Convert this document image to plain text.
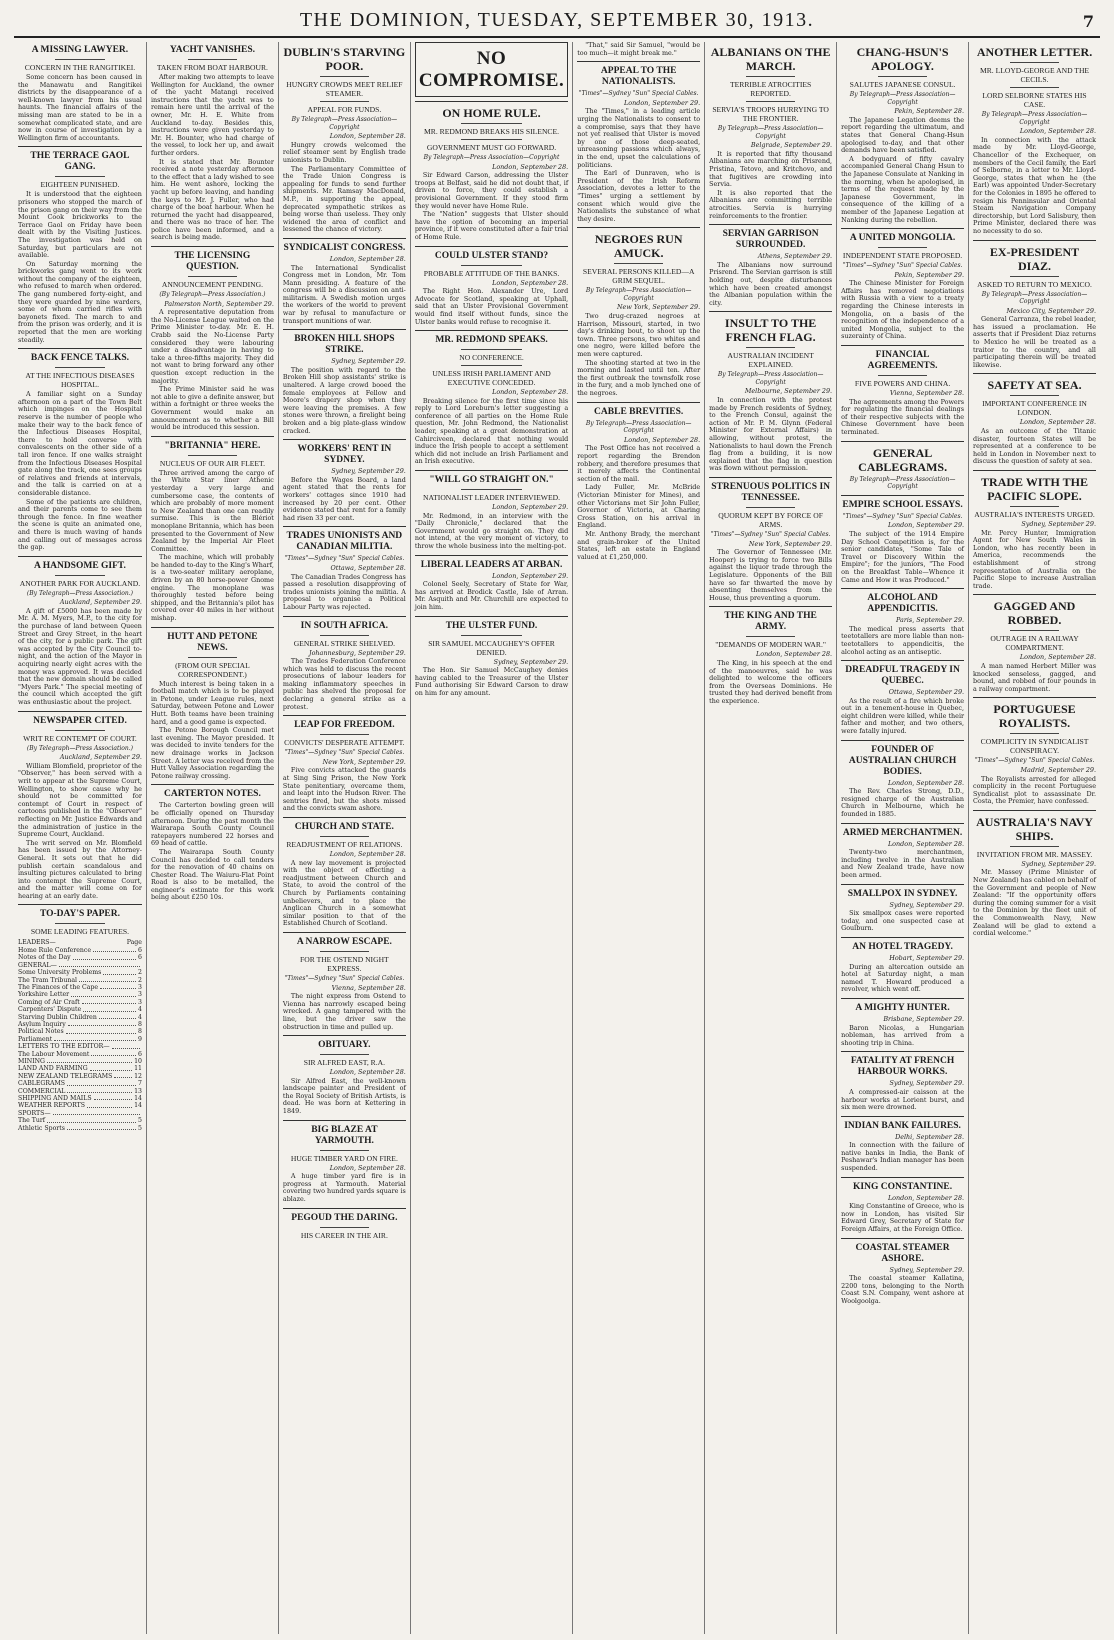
THE DOMINION, TUESDAY, SEPTEMBER 30, 1913.	7
A MISSING LAWYER.
CONCERN IN THE RANGITIKEI.

Some concern has been caused in the Manawatu and Rangitikei districts by the disappearance of a well-known lawyer from his usual haunts. The financial affairs of the missing man are stated to be in a somewhat complicated state, and are now in course of investigation by a Wellington firm of accountants.

THE TERRACE GAOL GANG.
EIGHTEEN PUNISHED.

It is understood that the eighteen prisoners who stopped the march of the prison gang on their way from the Mount Cook brickworks to the Terrace Gaol on Friday have been dealt with by the Visiting Justices. The investigation was held on Saturday, but particulars are not available.

On Saturday morning the brickworks gang went to its work without the company of the eighteen, who refused to march when ordered. The gang numbered forty-eight, and they were guarded by nine warders, some of whom carried rifles with bayonets fixed. The march to and from the prison was orderly, and it is reported that the men are working steadily.

BACK FENCE TALKS.
AT THE INFECTIOUS DISEASES HOSPITAL.

A familiar sight on a Sunday afternoon on a part of the Town Belt which impinges on the Hospital reserve is the number of people who make their way to the back fence of the Infectious Diseases Hospital, there to hold converse with convalescents on the other side of a tall iron fence. If one walks straight from the Infectious Diseases Hospital gate along the track, one sees groups of relatives and friends at intervals, and the talk is carried on at a considerable distance.

Some of the patients are children, and their parents come to see them through the fence. In fine weather the scene is quite an animated one, and there is much waving of hands and calling out of messages across the gap.

A HANDSOME GIFT.
ANOTHER PARK FOR AUCKLAND.
(By Telegraph—Press Association.)
Auckland, September 29.

A gift of £5000 has been made by Mr. A. M. Myers, M.P., to the city for the purchase of land between Queen Street and Grey Street, in the heart of the city, for a public park. The gift was accepted by the City Council to-night, and the action of the Mayor in acquiring nearly eight acres with the money was approved. It was decided that the new domain should be called "Myers Park." The special meeting of the council which accepted the gift was enthusiastic about the project.

NEWSPAPER CITED.
WRIT RE CONTEMPT OF COURT.
(By Telegraph—Press Association.)
Auckland, September 29.

William Blomfield, proprietor of the "Observer," has been served with a writ to appear at the Supreme Court, Wellington, to show cause why he should not be committed for contempt of Court in respect of cartoons published in the "Observer" reflecting on Mr. Justice Edwards and the administration of justice in the Supreme Court, Auckland.

The writ served on Mr. Blomfield has been issued by the Attorney-General. It sets out that he did publish certain scandalous and insulting pictures calculated to bring into contempt the Supreme Court, and the matter will come on for hearing at an early date.

TO-DAY'S PAPER.
SOME LEADING FEATURES.
LEADERS—	Page
Home Rule Conference	6
Notes of the Day	6
GENERAL—
Some University Problems	2
The Tram Tribunal	2
The Finances of the Cape	3
Yorkshire Letter	3
Coming of Air Craft	3
Carpenters' Dispute	4
Starving Dublin Children	4
Asylum Inquiry	8
Political Notes	8
Parliament	9
LETTERS TO THE EDITOR—
The Labour Movement	6
MINING	10
LAND AND FARMING	11
NEW ZEALAND TELEGRAMS	12
CABLEGRAMS	7
COMMERCIAL	13
SHIPPING AND MAILS	14
WEATHER REPORTS	14
SPORTS—
The Turf	5
Athletic Sports	5
YACHT VANISHES.
TAKEN FROM BOAT HARBOUR.

After making two attempts to leave Wellington for Auckland, the owner of the yacht Matangi received instructions that the yacht was to remain here until the arrival of the owner, Mr. H. E. White from Auckland to-day. Besides this, instructions were given yesterday to Mr. H. Bounter, who had charge of the vessel, to lock her up, and await further orders.

It is stated that Mr. Bounter received a note yesterday afternoon to the effect that a lady wished to see him. He went ashore, locking the yacht up before leaving, and handing the keys to Mr. J. Fuller, who had charge of the boat harbour. When he returned the yacht had disappeared, and there was no trace of her. The police have been informed, and a search is being made.

THE LICENSING QUESTION.
ANNOUNCEMENT PENDING.
(By Telegraph—Press Association.)
Palmerston North, September 29.

A representative deputation from the No-License League waited on the Prime Minister to-day. Mr. E. H. Crabb said the No-License Party considered they were labouring under a disadvantage in having to take a three-fifths majority. They did not want to bring forward any other question except reduction in the majority.

The Prime Minister said he was not able to give a definite answer, but within a fortnight or three weeks the Government would make an announcement as to whether a Bill would be introduced this session.

"BRITANNIA" HERE.
NUCLEUS OF OUR AIR FLEET.

Three arrived among the cargo of the White Star liner Athenic yesterday a very large and cumbersome case, the contents of which are probably of more moment to New Zealand than one can readily surmise. This is the Blériot monoplane Britannia, which has been presented to the Government of New Zealand by the Imperial Air Fleet Committee.

The machine, which will probably be handed to-day to the King's Wharf, is a two-seater military aeroplane, driven by an 80 horse-power Gnome engine. The monoplane was thoroughly tested before being shipped, and the Britannia's pilot has covered over 40 miles in her without mishap.

HUTT AND PETONE NEWS.
(FROM OUR SPECIAL CORRESPONDENT.)

Much interest is being taken in a football match which is to be played in Petone, under League rules, next Saturday, between Petone and Lower Hutt. Both teams have been training hard, and a good game is expected.

The Petone Borough Council met last evening. The Mayor presided. It was decided to invite tenders for the new drainage works in Jackson Street. A letter was received from the Hutt Valley Association regarding the Petone railway crossing.

CARTERTON NOTES.

The Carterton bowling green will be officially opened on Thursday afternoon. During the past month the Wairarapa South County Council ratepayers numbered 22 horses and 69 head of cattle.

The Wairarapa South County Council has decided to call tenders for the renovation of 40 chains on Chester Road. The Waiuru-Flat Point Road is also to be metalled, the engineer's estimate for this work being about £250 10s.

DUBLIN'S STARVING POOR.
HUNGRY CROWDS MEET RELIEF STEAMER.
APPEAL FOR FUNDS.
By Telegraph—Press Association—Copyright
London, September 28.

Hungry crowds welcomed the relief steamer sent by English trade unionists to Dublin.

The Parliamentary Committee of the Trade Union Congress is appealing for funds to send further shipments. Mr. Ramsay MacDonald, M.P., in supporting the appeal, deprecated sympathetic strikes as being worse than useless. They only widened the area of conflict and lessened the chance of victory.

SYNDICALIST CONGRESS.
London, September 28.

The International Syndicalist Congress met in London, Mr. Tom Mann presiding. A feature of the congress will be a discussion on anti-militarism. A Swedish motion urges the workers of the world to prevent war by refusal to manufacture or transport munitions of war.

BROKEN HILL SHOPS STRIKE.
Sydney, September 29.

The position with regard to the Broken Hill shop assistants' strike is unaltered. A large crowd booed the female employees at Fellow and Moore's drapery shop when they were leaving the premises. A few stones were thrown, a firelight being broken and a big plate-glass window cracked.

WORKERS' RENT IN SYDNEY.
Sydney, September 29.

Before the Wages Board, a land agent stated that the rents for workers' cottages since 1910 had increased by 20 per cent. Other evidence stated that rent for a family had risen 33 per cent.

TRADES UNIONISTS AND CANADIAN MILITIA.
"Times"—Sydney "Sun" Special Cables.
Ottawa, September 28.

The Canadian Trades Congress has passed a resolution disapproving of trades unionists joining the militia. A proposal to organise a Political Labour Party was rejected.

IN SOUTH AFRICA.
GENERAL STRIKE SHELVED.
Johannesburg, September 29.

The Trades Federation Conference which was held to discuss the recent prosecutions of labour leaders for making inflammatory speeches in public has shelved the proposal for declaring a general strike as a protest.

LEAP FOR FREEDOM.
CONVICTS' DESPERATE ATTEMPT.
"Times"—Sydney "Sun" Special Cables.
New York, September 29.

Five convicts attacked the guards at Sing Sing Prison, the New York State penitentiary, overcame them, and leapt into the Hudson River. The sentries fired, but the shots missed and the convicts swam ashore.

CHURCH AND STATE.
READJUSTMENT OF RELATIONS.
London, September 28.

A new lay movement is projected with the object of effecting a readjustment between Church and State, to avoid the control of the Church by Parliaments containing unbelievers, and to place the Anglican Church in a somewhat similar position to that of the Established Church of Scotland.

A NARROW ESCAPE.
FOR THE OSTEND NIGHT EXPRESS.
"Times"—Sydney "Sun" Special Cables.
Vienna, September 28.

The night express from Ostend to Vienna has narrowly escaped being wrecked. A gang tampered with the line, but the driver saw the obstruction in time and pulled up.

OBITUARY.
SIR ALFRED EAST, R.A.
London, September 28.

Sir Alfred East, the well-known landscape painter and President of the Royal Society of British Artists, is dead. He was born at Kettering in 1849.

BIG BLAZE AT YARMOUTH.
HUGE TIMBER YARD ON FIRE.
London, September 28.

A huge timber yard fire is in progress at Yarmouth. Material covering two hundred yards square is ablaze.

PEGOUD THE DARING.
HIS CAREER IN THE AIR.
NO COMPROMISE.
ON HOME RULE.
MR. REDMOND BREAKS HIS SILENCE.
GOVERNMENT MUST GO FORWARD.
By Telegraph—Press Association—Copyright
London, September 28.

Sir Edward Carson, addressing the Ulster troops at Belfast, said he did not doubt that, if driven to force, they could establish a provisional Government. If they stood firm they would never have Home Rule.

The "Nation" suggests that Ulster should have the option of becoming an imperial province, if it were constituted after a fair trial of Home Rule.

COULD ULSTER STAND?
PROBABLE ATTITUDE OF THE BANKS.
London, September 28.

The Right Hon. Alexander Ure, Lord Advocate for Scotland, speaking at Uphall, said that an Ulster Provisional Government would find itself without funds, since the Ulster banks would refuse to recognise it.

MR. REDMOND SPEAKS.
NO CONFERENCE.
UNLESS IRISH PARLIAMENT AND EXECUTIVE CONCEDED.
London, September 28.

Breaking silence for the first time since his reply to Lord Loreburn's letter suggesting a conference of all parties on the Home Rule question, Mr. John Redmond, the Nationalist leader, speaking at a great demonstration at Cahirciveen, declared that nothing would induce the Irish people to accept a settlement which did not include an Irish Parliament and an Irish executive.

"WILL GO STRAIGHT ON."
NATIONALIST LEADER INTERVIEWED.
London, September 29.

Mr. Redmond, in an interview with the "Daily Chronicle," declared that the Government would go straight on. They did not intend, at the very moment of victory, to throw the whole business into the melting-pot.

LIBERAL LEADERS AT ARBAN.
London, September 29.

Colonel Seely, Secretary of State for War, has arrived at Brodick Castle, Isle of Arran. Mr. Asquith and Mr. Churchill are expected to join him.

THE ULSTER FUND.
SIR SAMUEL MCCAUGHEY'S OFFER DENIED.
Sydney, September 29.

The Hon. Sir Samuel McCaughey denies having cabled to the Treasurer of the Ulster Fund authorising Sir Edward Carson to draw on him for any amount.

"That," said Sir Samuel, "would be too much—it might break me."

APPEAL TO THE NATIONALISTS.
"Times"—Sydney "Sun" Special Cables.
London, September 29.

The "Times," in a leading article urging the Nationalists to consent to a compromise, says that they have not yet realised that Ulster is moved by one of those deep-seated, unreasoning passions which always, in the end, upset the calculations of politicians.

The Earl of Dunraven, who is President of the Irish Reform Association, devotes a letter to the "Times" urging a settlement by consent which would give the Nationalists the substance of what they desire.

NEGROES RUN AMUCK.
SEVERAL PERSONS KILLED—A GRIM SEQUEL.
By Telegraph—Press Association—Copyright
New York, September 29.

Two drug-crazed negroes at Harrison, Missouri, started, in two day's drinking bout, to shoot up the town. Three persons, two whites and one negro, were killed before the men were captured.

The shooting started at two in the morning and lasted until ten. After the first outbreak the townsfolk rose in the fury, and a mob lynched one of the negroes.

CABLE BREVITIES.
By Telegraph—Press Association—Copyright
London, September 28.

The Post Office has not received a report regarding the Brendon robbery, and therefore presumes that it merely affects the Continental section of the mail.

Lady Fuller, Mr. McBride (Victorian Minister for Mines), and other Victorians met Sir John Fuller, Governor of Victoria, at Charing Cross Station, on his arrival in England.

Mr. Anthony Brady, the merchant and grain-broker of the United States, left an estate in England valued at £1,250,000.

ALBANIANS ON THE MARCH.
TERRIBLE ATROCITIES REPORTED.
SERVIA'S TROOPS HURRYING TO THE FRONTIER.
By Telegraph—Press Association—Copyright
Belgrade, September 29.

It is reported that fifty thousand Albanians are marching on Prisrend, Pristina, Tetovo, and Kritchovo, and that fugitives are crowding into Servia.

It is also reported that the Albanians are committing terrible atrocities. Servia is hurrying reinforcements to the frontier.

SERVIAN GARRISON SURROUNDED.
Athens, September 29.

The Albanians now surround Prisrend. The Servian garrison is still holding out, despite disturbances which have been created amongst the Albanian population within the city.

INSULT TO THE FRENCH FLAG.
AUSTRALIAN INCIDENT EXPLAINED.
By Telegraph—Press Association—Copyright
Melbourne, September 29.

In connection with the protest made by French residents of Sydney, to the French Consul, against the action of Mr. P. M. Glynn (Federal Minister for External Affairs) in allowing, without protest, the Nationalists to haul down the French flag from a building, it is now explained that the flag in question was flown without permission.

STRENUOUS POLITICS IN TENNESSEE.
QUORUM KEPT BY FORCE OF ARMS.
"Times"—Sydney "Sun" Special Cables.
New York, September 29.

The Governor of Tennessee (Mr. Hooper) is trying to force two Bills against the liquor trade through the Legislature. Opponents of the Bill have so far thwarted the move by absenting themselves from the House, thus preventing a quorum.

THE KING AND THE ARMY.
"DEMANDS OF MODERN WAR."
London, September 28.

The King, in his speech at the end of the manoeuvres, said he was delighted to welcome the officers from the Overseas Dominions. He trusted they had derived benefit from the experience.

CHANG-HSUN'S APOLOGY.
SALUTES JAPANESE CONSUL.
By Telegraph—Press Association—Copyright
Pekin, September 28.

The Japanese Legation deems the report regarding the ultimatum, and states that General Chang-Hsun apologised to-day, and that other demands have been satisfied.

A bodyguard of fifty cavalry accompanied General Chang Hsun to the Japanese Consulate at Nanking in the morning, when he apologised, in terms of the request made by the Japanese Government, in consequence of the killing of a member of the Japanese Legation at Nanking during the rebellion.

A UNITED MONGOLIA.
INDEPENDENT STATE PROPOSED.
"Times"—Sydney "Sun" Special Cables.
Pekin, September 29.

The Chinese Minister for Foreign Affairs has removed negotiations with Russia with a view to a treaty regarding the Chinese interests in Mongolia, on a basis of the recognition of the independence of a united Mongolia, subject to the suzerainty of China.

FINANCIAL AGREEMENTS.
FIVE POWERS AND CHINA.
Vienna, September 28.

The agreements among the Powers for regulating the financial dealings of their respective subjects with the Chinese Government have been terminated.

GENERAL CABLEGRAMS.
By Telegraph—Press Association—Copyright
EMPIRE SCHOOL ESSAYS.
"Times"—Sydney "Sun" Special Cables.
London, September 29.

The subject of the 1914 Empire Day School Competition is, for the senior candidates, "Some Tale of Travel or Discovery Within the Empire"; for the juniors, "The Food on the Breakfast Table—Whence it Came and How it was Produced."

ALCOHOL AND APPENDICITIS.
Paris, September 29.

The medical press asserts that teetotallers are more liable than non-teetotallers to appendicitis, the alcohol acting as an antiseptic.

DREADFUL TRAGEDY IN QUEBEC.
Ottawa, September 29.

As the result of a fire which broke out in a tenement-house in Quebec, eight children were killed, while their father and mother, and two others, were fatally injured.

FOUNDER OF AUSTRALIAN CHURCH BODIES.
London, September 28.

The Rev. Charles Strong, D.D., resigned charge of the Australian Church in Melbourne, which he founded in 1885.

ARMED MERCHANTMEN.
London, September 28.

Twenty-two merchantmen, including twelve in the Australian and New Zealand trade, have now been armed.

SMALLPOX IN SYDNEY.
Sydney, September 29.

Six smallpox cases were reported today, and one suspected case at Goulburn.

AN HOTEL TRAGEDY.
Hobart, September 29.

During an altercation outside an hotel at Saturday night, a man named T. Howard produced a revolver, which went off.

A MIGHTY HUNTER.
Brisbane, September 29.

Baron Nicolas, a Hungarian nobleman, has arrived from a shooting trip in China.

FATALITY AT FRENCH HARBOUR WORKS.
Sydney, September 29.

A compressed-air caisson at the harbour works at Lorient burst, and six men were drowned.

INDIAN BANK FAILURES.
Delhi, September 28.

In connection with the failure of native banks in India, the Bank of Peshawar's Indian manager has been suspended.

KING CONSTANTINE.
London, September 28.

King Constantine of Greece, who is now in London, has visited Sir Edward Grey, Secretary of State for Foreign Affairs, at the Foreign Office.

COASTAL STEAMER ASHORE.
Sydney, September 29.

The coastal steamer Kallatina, 2200 tons, belonging to the North Coast S.N. Company, went ashore at Woolgoolga.

ANOTHER LETTER.
MR. LLOYD-GEORGE AND THE CECILS.
LORD SELBORNE STATES HIS CASE.
By Telegraph—Press Association—Copyright
London, September 28.

In connection with the attack made by Mr. Lloyd-George, Chancellor of the Exchequer, on members of the Cecil family, the Earl of Selborne, in a letter to Mr. Lloyd-George, states that when he (the Earl) was appointed Under-Secretary for the Colonies in 1895 he offered to resign his Penninsular and Oriental Steam Navigation Company directorship, but Lord Salisbury, then Prime Minister, declared there was no necessity to do so.

EX-PRESIDENT DIAZ.
ASKED TO RETURN TO MEXICO.
By Telegraph—Press Association—Copyright
Mexico City, September 29.

General Carranza, the rebel leader, has issued a proclamation. He asserts that if President Diaz returns to Mexico he will be treated as a traitor to the country, and all participating therein will be treated likewise.

SAFETY AT SEA.
IMPORTANT CONFERENCE IN LONDON.
London, September 28.

As an outcome of the Titanic disaster, fourteen States will be represented at a conference to be held in London in November next to discuss the question of safety at sea.

TRADE WITH THE PACIFIC SLOPE.
AUSTRALIA'S INTERESTS URGED.
Sydney, September 29.

Mr. Percy Hunter, Immigration Agent for New South Wales in London, who has recently been in America, recommends the establishment of strong representation of Australia on the Pacific Slope to increase Australian trade.

GAGGED AND ROBBED.
OUTRAGE IN A RAILWAY COMPARTMENT.
London, September 28.

A man named Herbert Miller was knocked senseless, gagged, and bound, and robbed of four pounds in a railway compartment.

PORTUGUESE ROYALISTS.
COMPLICITY IN SYNDICALIST CONSPIRACY.
"Times"—Sydney "Sun" Special Cables.
Madrid, September 29.

The Royalists arrested for alleged complicity in the recent Portuguese Syndicalist plot to assassinate Dr. Costa, the Premier, have confessed.

AUSTRALIA'S NAVY SHIPS.
INVITATION FROM MR. MASSEY.
Sydney, September 29.

Mr. Massey (Prime Minister of New Zealand) has cabled on behalf of the Government and people of New Zealand: "If the opportunity offers during the coming summer for a visit to the Dominion by the fleet unit of the Commonwealth Navy, New Zealand will be glad to extend a cordial welcome."
